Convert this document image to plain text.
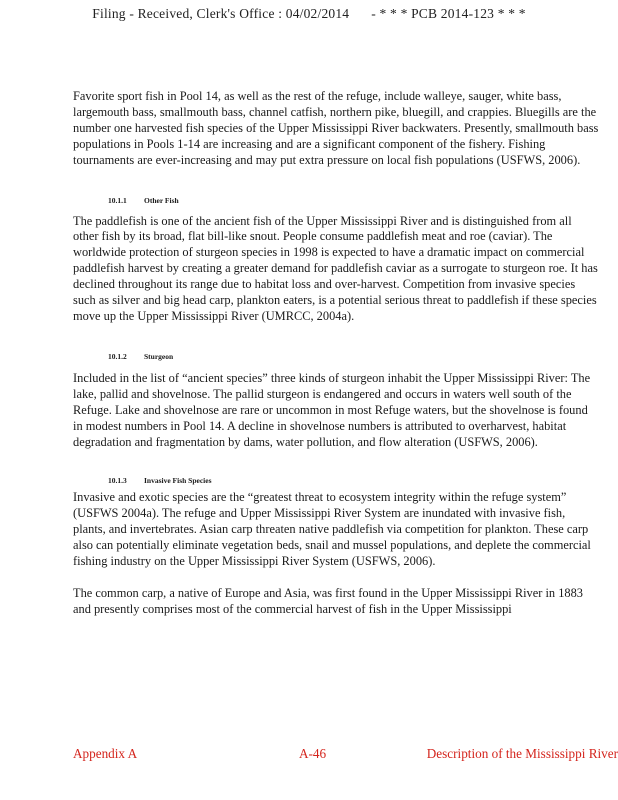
Filing - Received, Clerk's Office : 04/02/2014 - * * * PCB 2014-123 * * *

Favorite sport fish in Pool 14, as well as the rest of the refuge, include walleye, sauger, white bass, largemouth bass, smallmouth bass, channel catfish, northern pike, bluegill, and crappies. Bluegills are the number one harvested fish species of the Upper Mississippi River backwaters. Presently, smallmouth bass populations in Pools 1-14 are increasing and are a significant component of the fishery. Fishing tournaments are ever-increasing and may put extra pressure on local fish populations (USFWS, 2006).

10.1.1 Other Fish

The paddlefish is one of the ancient fish of the Upper Mississippi River and is distinguished from all other fish by its broad, flat bill-like snout. People consume paddlefish meat and roe (caviar). The worldwide protection of sturgeon species in 1998 is expected to have a dramatic impact on commercial paddlefish harvest by creating a greater demand for paddlefish caviar as a surrogate to sturgeon roe. It has declined throughout its range due to habitat loss and over-harvest. Competition from invasive species such as silver and big head carp, plankton eaters, is a potential serious threat to paddlefish if these species move up the Upper Mississippi River (UMRCC, 2004a).

10.1.2 Sturgeon

Included in the list of “ancient species” three kinds of sturgeon inhabit the Upper Mississippi River: The lake, pallid and shovelnose. The pallid sturgeon is endangered and occurs in waters well south of the Refuge. Lake and shovelnose are rare or uncommon in most Refuge waters, but the shovelnose is found in modest numbers in Pool 14. A decline in shovelnose numbers is attributed to overharvest, habitat degradation and fragmentation by dams, water pollution, and flow alteration (USFWS, 2006).

10.1.3 Invasive Fish Species

Invasive and exotic species are the “greatest threat to ecosystem integrity within the refuge system” (USFWS 2004a). The refuge and Upper Mississippi River System are inundated with invasive fish, plants, and invertebrates. Asian carp threaten native paddlefish via competition for plankton. These carp also can potentially eliminate vegetation beds, snail and mussel populations, and deplete the commercial fishing industry on the Upper Mississippi River System (USFWS, 2006).

The common carp, a native of Europe and Asia, was first found in the Upper Mississippi River in 1883 and presently comprises most of the commercial harvest of fish in the Upper Mississippi

Appendix A	A-46	Description of the Mississippi River
